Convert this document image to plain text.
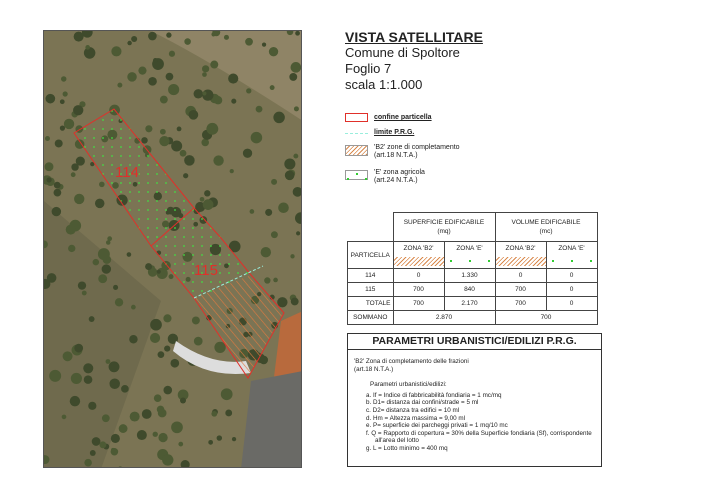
114
115
VISTA SATELLITARE
Comune di Spoltore
Foglio 7
scala 1:1.000
confine particella
limite P.R.G.
'B2' zone di completamento
(art.18 N.T.A.)
'E' zona agricola
(art.24 N.T.A.)
	SUPERFICIE EDIFICABILE
(mq)		VOLUME EDIFICABILE
(mc)	
PARTICELLA	ZONA 'B2'	ZONA 'E'	ZONA 'B2'	ZONA 'E'

114	0	1.330	0	0
115	700	840	700	0
TOTALE	700	2.170	700	0
SOMMANO	2.870		700	
PARAMETRI URBANISTICI/EDILIZI P.R.G.
'B2' Zona di completamento delle frazioni
(art.18 N.T.A.)
Parametri urbanistici/edilizi:
a. If = Indice di fabbricabilità fondiaria = 1 mc/mq
b. D1= distanza dai confini/strade = 5 ml
c. D2= distanza tra edifici = 10 ml
d. Hm = Altezza massima = 9,00 ml
e. P= superficie dei parcheggi privati = 1 mq/10 mc
f. Q = Rapporto di copertura = 30% della Superficie fondiaria (Sf), corrispondente all'area del lotto
g. L = Lotto minimo = 400 mq
